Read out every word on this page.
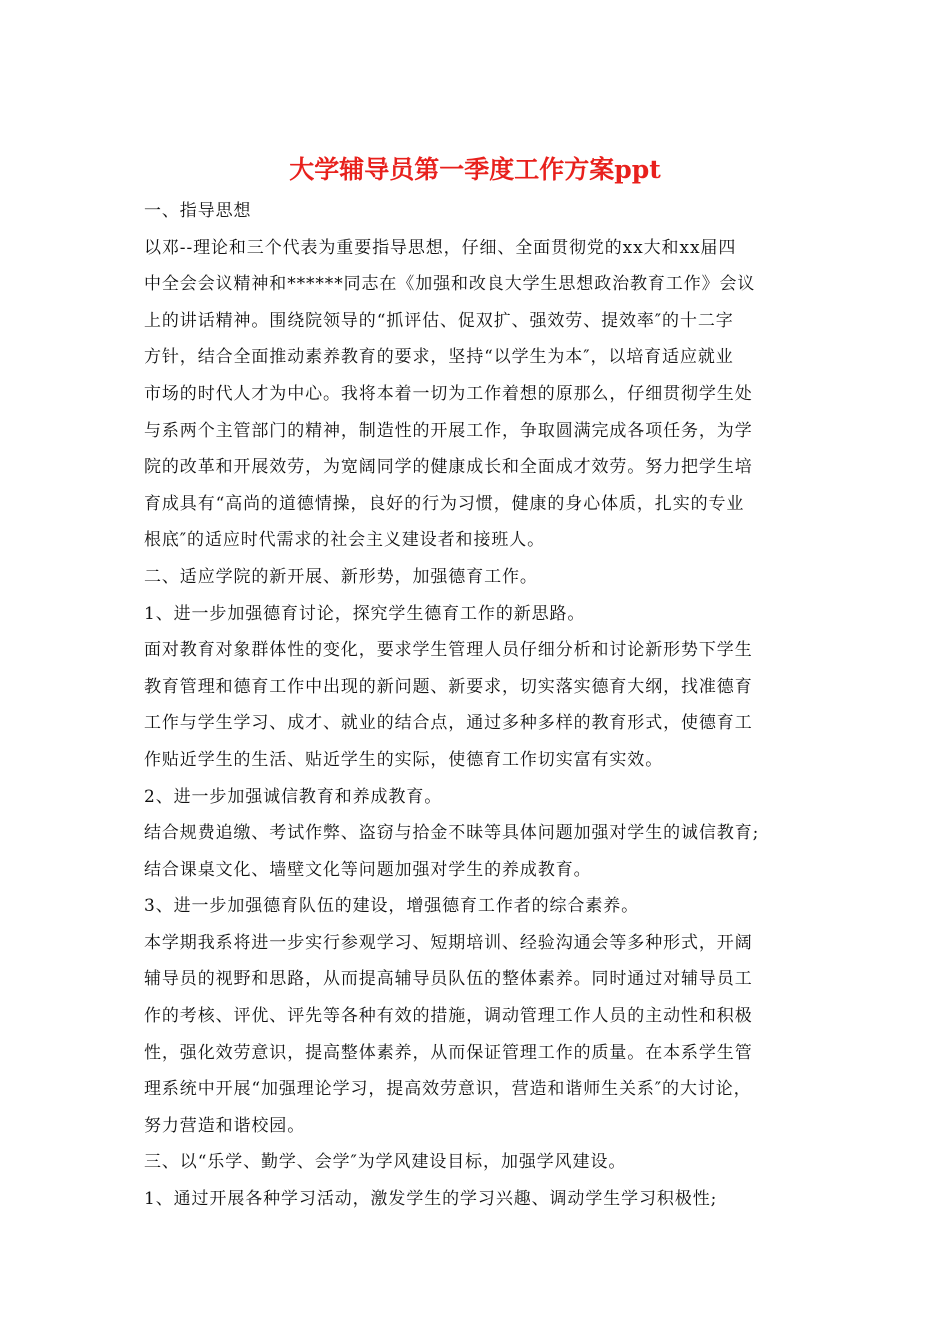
大学辅导员第一季度工作方案ppt
一、指导思想
以邓--理论和三个代表为重要指导思想，仔细、全面贯彻党的xx大和xx届四
中全会会议精神和******同志在《加强和改良大学生思想政治教育工作》会议
上的讲话精神。围绕院领导的“抓评估、促双扩、强效劳、提效率″的十二字
方针，结合全面推动素养教育的要求，坚持“以学生为本″，以培育适应就业
市场的时代人才为中心。我将本着一切为工作着想的原那么，仔细贯彻学生处
与系两个主管部门的精神，制造性的开展工作，争取圆满完成各项任务，为学
院的改革和开展效劳，为宽阔同学的健康成长和全面成才效劳。努力把学生培
育成具有“高尚的道德情操，良好的行为习惯，健康的身心体质，扎实的专业
根底″的适应时代需求的社会主义建设者和接班人。
二、适应学院的新开展、新形势，加强德育工作。
1、进一步加强德育讨论，探究学生德育工作的新思路。
面对教育对象群体性的变化，要求学生管理人员仔细分析和讨论新形势下学生
教育管理和德育工作中出现的新问题、新要求，切实落实德育大纲，找准德育
工作与学生学习、成才、就业的结合点，通过多种多样的教育形式，使德育工
作贴近学生的生活、贴近学生的实际，使德育工作切实富有实效。
2、进一步加强诚信教育和养成教育。
结合规费追缴、考试作弊、盗窃与拾金不昧等具体问题加强对学生的诚信教育;
结合课桌文化、墙壁文化等问题加强对学生的养成教育。
3、进一步加强德育队伍的建设，增强德育工作者的综合素养。
本学期我系将进一步实行参观学习、短期培训、经验沟通会等多种形式，开阔
辅导员的视野和思路，从而提高辅导员队伍的整体素养。同时通过对辅导员工
作的考核、评优、评先等各种有效的措施，调动管理工作人员的主动性和积极
性，强化效劳意识，提高整体素养，从而保证管理工作的质量。在本系学生管
理系统中开展“加强理论学习，提高效劳意识，营造和谐师生关系″的大讨论，
努力营造和谐校园。
三、以“乐学、勤学、会学″为学风建设目标，加强学风建设。
1、通过开展各种学习活动，激发学生的学习兴趣、调动学生学习积极性;
